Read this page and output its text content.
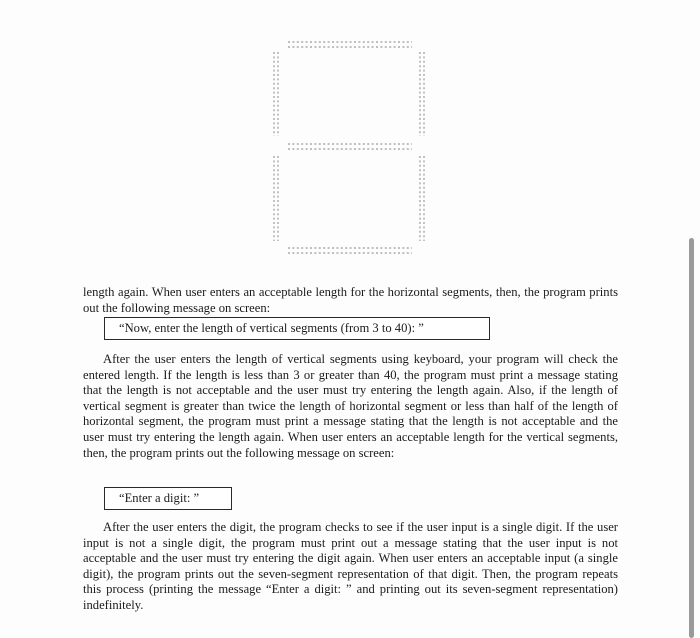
length again. When user enters an acceptable length for the horizontal segments, then, the program prints out the following message on screen:

“Now, enter the length of vertical segments (from 3 to 40): ”

After the user enters the length of vertical segments using keyboard, your program will check the entered length. If the length is less than 3 or greater than 40, the program must print a message stating that the length is not acceptable and the user must try entering the length again. Also, if the length of vertical segment is greater than twice the length of horizontal segment or less than half of the length of horizontal segment, the program must print a message stating that the length is not acceptable and the user must try entering the length again. When user enters an acceptable length for the vertical segments, then, the program prints out the following message on screen:

“Enter a digit: ”

After the user enters the digit, the program checks to see if the user input is a single digit. If the user input is not a single digit, the program must print out a message stating that the user input is not acceptable and the user must try entering the digit again. When user enters an acceptable input (a single digit), the program prints out the seven-segment representation of that digit. Then, the program repeats this process (printing the message “Enter a digit: ” and printing out its seven-segment representation) indefinitely.
